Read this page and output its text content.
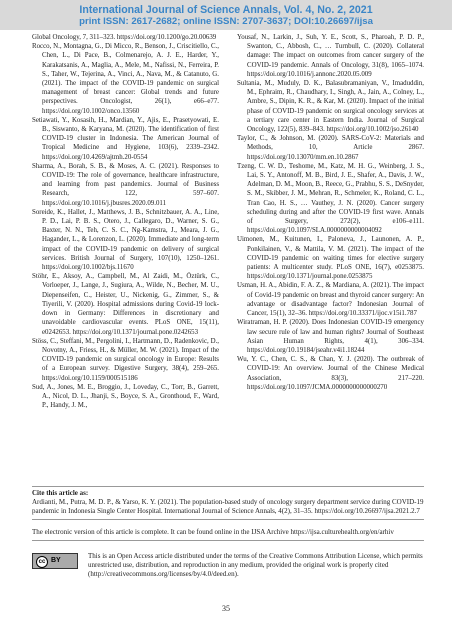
International Journal of Science Annals, Vol. 4, No. 2, 2021
print ISSN: 2617-2682; online ISSN: 2707-3637; DOI:10.26697/ijsa

Global Oncology, 7, 311–323. https://doi.org/10.1200/go.20.00639

Rocco, N., Montagna, G., Di Micco, R., Benson, J., Criscitiello, C., Chen, L., Di Pace, B., Colmenarejo, A. J. E., Harder, Y., Karakatsanis, A., Maglia, A., Mele, M., Nafissi, N., Ferreira, P. S., Taher, W., Tejerina, A., Vinci, A., Nava, M., & Catanuto, G. (2021). The impact of the COVID-19 pandemic on surgical management of breast cancer: Global trends and future perspectives. Oncologist, 26(1), e66–e77. https://doi.org/10.1002/onco.13560

Setiawati, Y., Kosasih, H., Mardian, Y., Ajis, E., Prasetyowati, E. B., Siswanto, & Karyana, M. (2020). The identification of first COVID-19 cluster in Indonesia. The American Journal of Tropical Medicine and Hygiene, 103(6), 2339–2342. https://doi.org/10.4269/ajtmh.20-0554

Sharma, A., Borah, S. B., & Moses, A. C. (2021). Responses to COVID-19: The role of governance, healthcare infrastructure, and learning from past pandemics. Journal of Business Research, 122, 597–607. https://doi.org/10.1016/j.jbusres.2020.09.011

Soreide, K., Hallet, J., Matthews, J. B., Schnitzbauer, A. A., Line, P. D., Lai, P. B. S., Otero, J., Callegaro, D., Warner, S. G., Baxter, N. N., Teh, C. S. C., Ng-Kamstra, J., Meara, J. G., Hagander, L., & Lorenzon, L. (2020). Immediate and long-term impact of the COVID-19 pandemic on delivery of surgical services. British Journal of Surgery, 107(10), 1250–1261. https://doi.org/10.1002/bjs.11670

Stöhr, E., Aksoy, A., Campbell, M., Al Zaidi, M., Öztürk, C., Vorloeper, J., Lange, J., Sugiura, A., Wilde, N., Becher, M. U., Diepenseifen, C., Heister, U., Nickenig, G., Zimmer, S., & Tiyerili, V. (2020). Hospital admissions during Covid-19 lock-down in Germany: Differences in discretionary and unavoidable cardiovascular events. PLoS ONE, 15(11), e0242653. https://doi.org/10.1371/journal.pone.0242653

Stöss, C., Steffani, M., Pergolini, I., Hartmann, D., Radenkovic, D., Novotny, A., Friess, H., & Müller, M. W. (2021). Impact of the COVID-19 pandemic on surgical oncology in Europe: Results of a European survey. Digestive Surgery, 38(4), 259–265. https://doi.org/10.1159/000515186

Sud, A., Jones, M. E., Broggio, J., Loveday, C., Torr, B., Garrett, A., Nicol, D. L., Jhanji, S., Boyce, S. A., Gronthoud, F., Ward, P., Handy, J. M.,

Yousaf, N., Larkin, J., Suh, Y. E., Scott, S., Pharoah, P. D. P., Swanton, C., Abbosh, C., … Turnbull, C. (2020). Collateral damage: The impact on outcomes from cancer surgery of the COVID-19 pandemic. Annals of Oncology, 31(8), 1065–1074. https://doi.org/10.1016/j.annonc.2020.05.009

Sultania, M., Muduly, D. K., Balasubramaniyan, V., Imaduddin, M., Ephraim, R., Chaudhary, I., Singh, A., Jain, A., Colney, L., Ambre, S., Dipin, K. R., & Kar, M. (2020). Impact of the initial phase of COVID-19 pandemic on surgical oncology services at a tertiary care center in Eastern India. Journal of Surgical Oncology, 122(5), 839–843. https://doi.org/10.1002/jso.26140

Taylor, C., & Johnson, M. (2020). SARS-CoV-2: Materials and Methods, 10, Article 2867. https://doi.org/10.13070/mm.en.10.2867

Tzeng, C. W. D., Teshome, M., Katz, M. H. G., Weinberg, J. S., Lai, S. Y., Antonoff, M. B., Bird, J. E., Shafer, A., Davis, J. W., Adelman, D. M., Moon, B., Reece, G., Prabhu, S. S., DeSnyder, S. M., Skibber, J. M., Mehran, R., Schmeler, K., Roland, C. L., Tran Cao, H. S., … Vauthey, J. N. (2020). Cancer surgery scheduling during and after the COVID-19 first wave. Annals of Surgery, 272(2), e106–e111. https://doi.org/10.1097/SLA.0000000000004092

Uimonen, M., Kuitunen, I., Paloneva, J., Launonen, A. P., Ponkilainen, V., & Mattila, V. M. (2021). The impact of the COVID-19 pandemic on waiting times for elective surgery patients: A multicenter study. PLoS ONE, 16(7), e0253875. https://doi.org/10.1371/journal.pone.0253875

Usman, H. A., Abidin, F. A. Z., & Mardiana, A. (2021). The impact of Covid-19 pandemic on breast and thyroid cancer surgery: An advantage or disadvantage factor? Indonesian Journal of Cancer, 15(1), 32–36. https://doi.org/10.33371/ijoc.v15i1.787

Wiratraman, H. P. (2020). Does Indonesian COVID-19 emergency law secure rule of law and human rights? Journal of Southeast Asian Human Rights, 4(1), 306–334. https://doi.org/10.19184/jseahr.v4i1.18244

Wu, Y. C., Chen, C. S., & Chan, Y. J. (2020). The outbreak of COVID-19: An overview. Journal of the Chinese Medical Association, 83(3), 217–220. https://doi.org/10.1097/JCMA.0000000000000270

Cite this article as:
Ardianti, M., Putra, M. D. P., & Yarso, K. Y. (2021). The population-based study of oncology surgery department service during COVID-19 pandemic in Indonesia Single Center Hospital. International Journal of Science Annals, 4(2), 31–35. https://doi.org/10.26697/ijsa.2021.2.7
The electronic version of this article is complete. It can be found online in the IJSA Archive https://ijsa.culturehealth.org/en/arhiv
cc BY
This is an Open Access article distributed under the terms of the Creative Commons Attribution License, which permits unrestricted use, distribution, and reproduction in any medium, provided the original work is properly cited (http://creativecommons.org/licenses/by/4.0/deed.en).
35
